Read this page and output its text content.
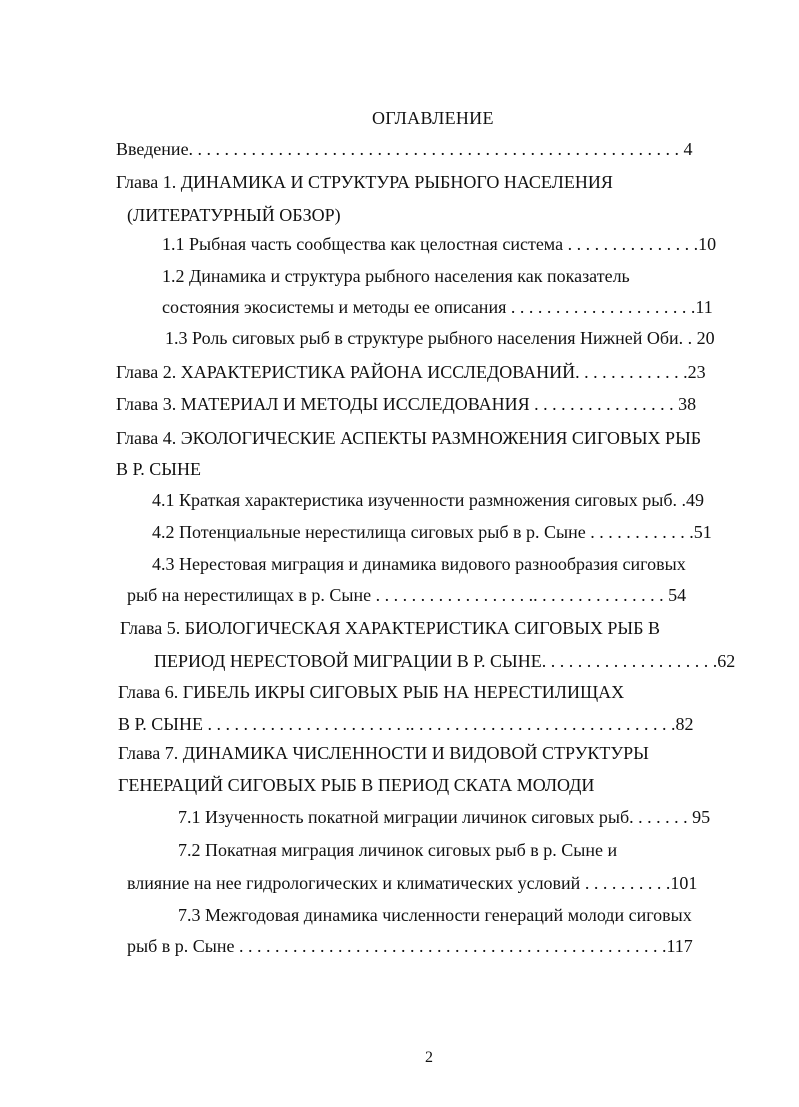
ОГЛАВЛЕНИЕ
Введение. . . . . . . . . . . . . . . . . . . . . . . . . . . . . . . . . . . . . . . . . . . . . . . . . . . . . . . 4
Глава 1. ДИНАМИКА И СТРУКТУРА РЫБНОГО НАСЕЛЕНИЯ
(ЛИТЕРАТУРНЫЙ ОБЗОР)
1.1 Рыбная часть сообщества как целостная система . . . . . . . . . . . . . . .10
1.2 Динамика и структура рыбного населения как показатель
состояния экосистемы и методы ее описания . . . . . . . . . . . . . . . . . . . . .11
1.3 Роль сиговых рыб в структуре рыбного населения Нижней Оби. . 20
Глава 2. ХАРАКТЕРИСТИКА РАЙОНА ИССЛЕДОВАНИЙ. . . . . . . . . . . . .23
Глава 3. МАТЕРИАЛ И МЕТОДЫ ИССЛЕДОВАНИЯ . . . . . . . . . . . . . . . . 38
Глава 4. ЭКОЛОГИЧЕСКИЕ АСПЕКТЫ РАЗМНОЖЕНИЯ СИГОВЫХ РЫБ
В Р. СЫНЕ
4.1 Краткая характеристика изученности размножения сиговых рыб. .49
4.2 Потенциальные нерестилища сиговых рыб в р. Сыне . . . . . . . . . . . .51
4.3 Нерестовая миграция и динамика видового разнообразия сиговых
рыб на нерестилищах в р. Сыне . . . . . . . . . . . . . . . . . .. . . . . . . . . . . . . . . 54
Глава 5. БИОЛОГИЧЕСКАЯ ХАРАКТЕРИСТИКА СИГОВЫХ РЫБ В
ПЕРИОД НЕРЕСТОВОЙ МИГРАЦИИ В Р. СЫНЕ. . . . . . . . . . . . . . . . . . . .62
Глава 6. ГИБЕЛЬ ИКРЫ СИГОВЫХ РЫБ НА НЕРЕСТИЛИЩАХ
В Р. СЫНЕ . . . . . . . . . . . . . . . . . . . . . . .. . . . . . . . . . . . . . . . . . . . . . . . . . . . . .82
Глава 7. ДИНАМИКА ЧИСЛЕННОСТИ И ВИДОВОЙ СТРУКТУРЫ
ГЕНЕРАЦИЙ СИГОВЫХ РЫБ В ПЕРИОД СКАТА МОЛОДИ
7.1 Изученность покатной миграции личинок сиговых рыб. . . . . . . 95
7.2 Покатная миграция личинок сиговых рыб в р. Сыне и
влияние на нее гидрологических и климатических условий . . . . . . . . . .101
7.3 Межгодовая динамика численности генераций молоди сиговых
рыб в р. Сыне . . . . . . . . . . . . . . . . . . . . . . . . . . . . . . . . . . . . . . . . . . . . . . . .117
2
